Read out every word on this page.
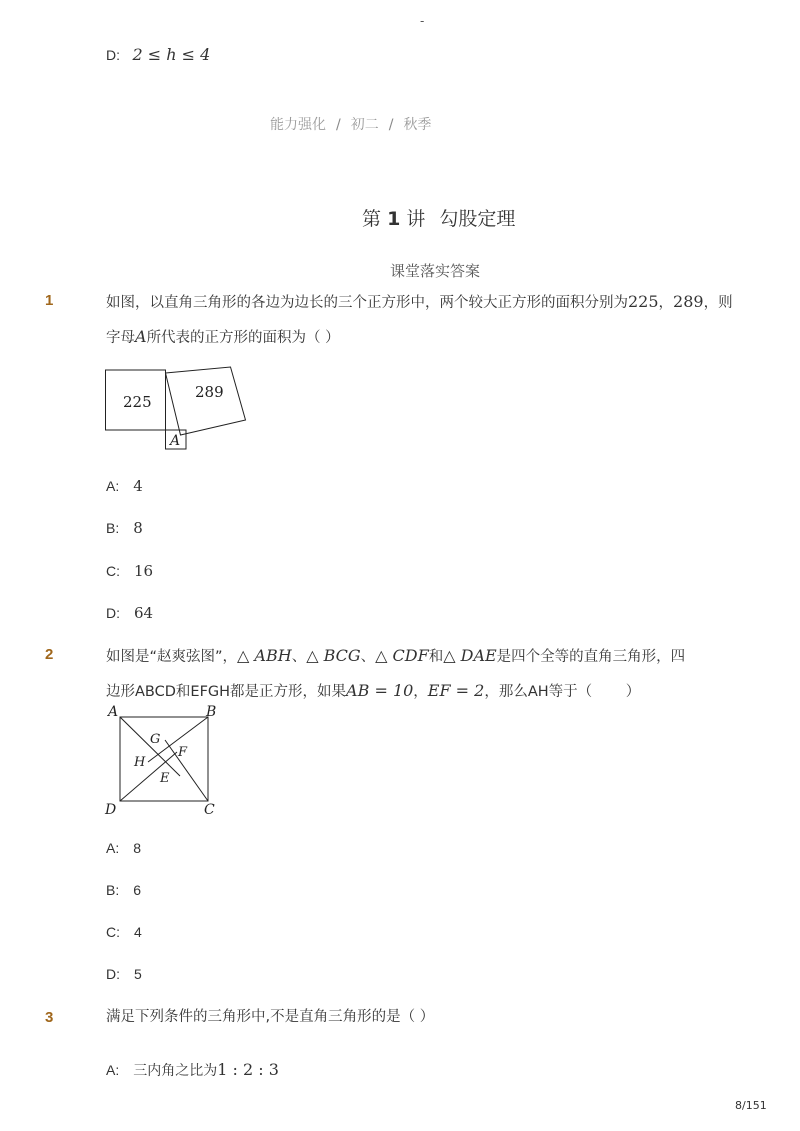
-
D: 2 ≤ h ≤ 4
能力强化 / 初二 / 秋季
第 1 讲 勾股定理
课堂落实答案
1	如图，以直角三角形的各边为边长的三个正方形中，两个较大正方形的面积分别为225，289，则
字母A所代表的正方形的面积为（ ）
225
289
A
A: 4
B: 8
C: 16
D: 64
2	如图是“赵爽弦图”，△ ABH、△ BCG、△ CDF和△ DAE是四个全等的直角三角形，四
边形ABCD和EFGH都是正方形，如果AB = 10，EF = 2，那么AH等于（　　 ）
A	B
C
D
E
F
G
H
A: 8
B: 6
C: 4
D: 5
3	满足下列条件的三角形中,不是直角三角形的是（ ）
A: 三内角之比为1 : 2 : 3
8/151
